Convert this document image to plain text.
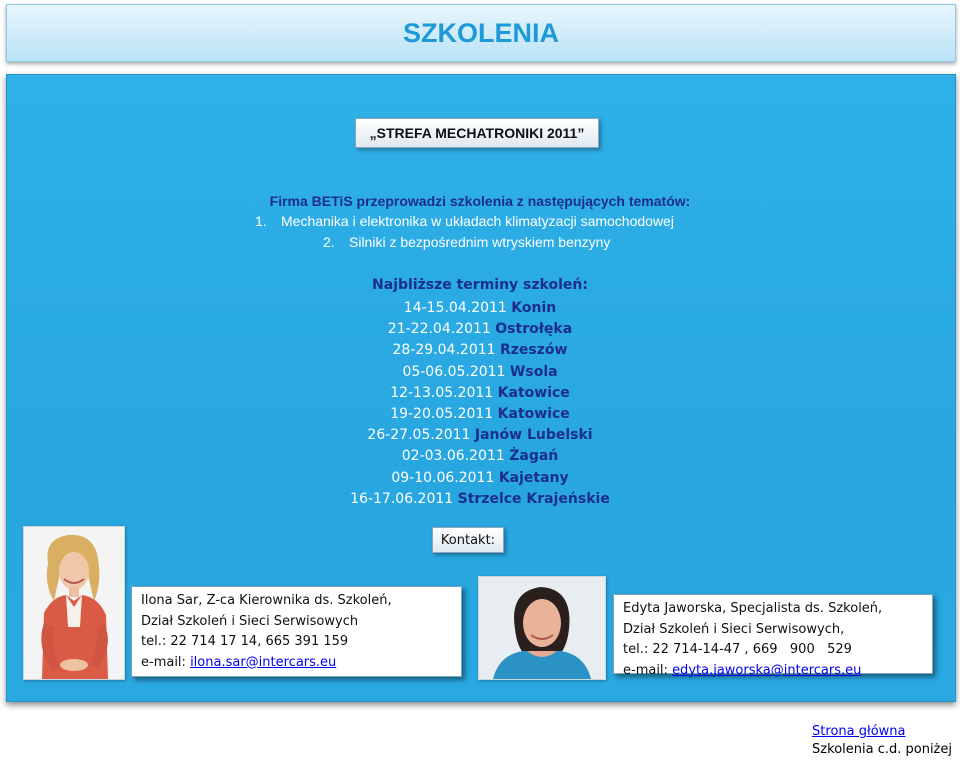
SZKOLENIA
„STREFA MECHATRONIKI 2011”
Firma BETiS przeprowadzi szkolenia z następujących tematów:
1. Mechanika i elektronika w układach klimatyzacji samochodowej
2. Silniki z bezpośrednim wtryskiem benzyny
Najbliższe terminy szkoleń:
14-15.04.2011 Konin
21-22.04.2011 Ostrołęka
28-29.04.2011 Rzeszów
05-06.05.2011 Wsola
12-13.05.2011 Katowice
19-20.05.2011 Katowice
26-27.05.2011 Janów Lubelski
02-03.06.2011 Żagań
09-10.06.2011 Kajetany
16-17.06.2011 Strzelce Krajeńskie
Kontakt:
Ilona Sar, Z-ca Kierownika ds. Szkoleń,
Dział Szkoleń i Sieci Serwisowych
tel.: 22 714 17 14, 665 391 159
e-mail: ilona.sar@intercars.eu
Edyta Jaworska, Specjalista ds. Szkoleń,
Dział Szkoleń i Sieci Serwisowych,
tel.: 22 714-14-47 , 669   900   529
e-mail: edyta.jaworska@intercars.eu
Strona główna
Szkolenia c.d. poniżej
